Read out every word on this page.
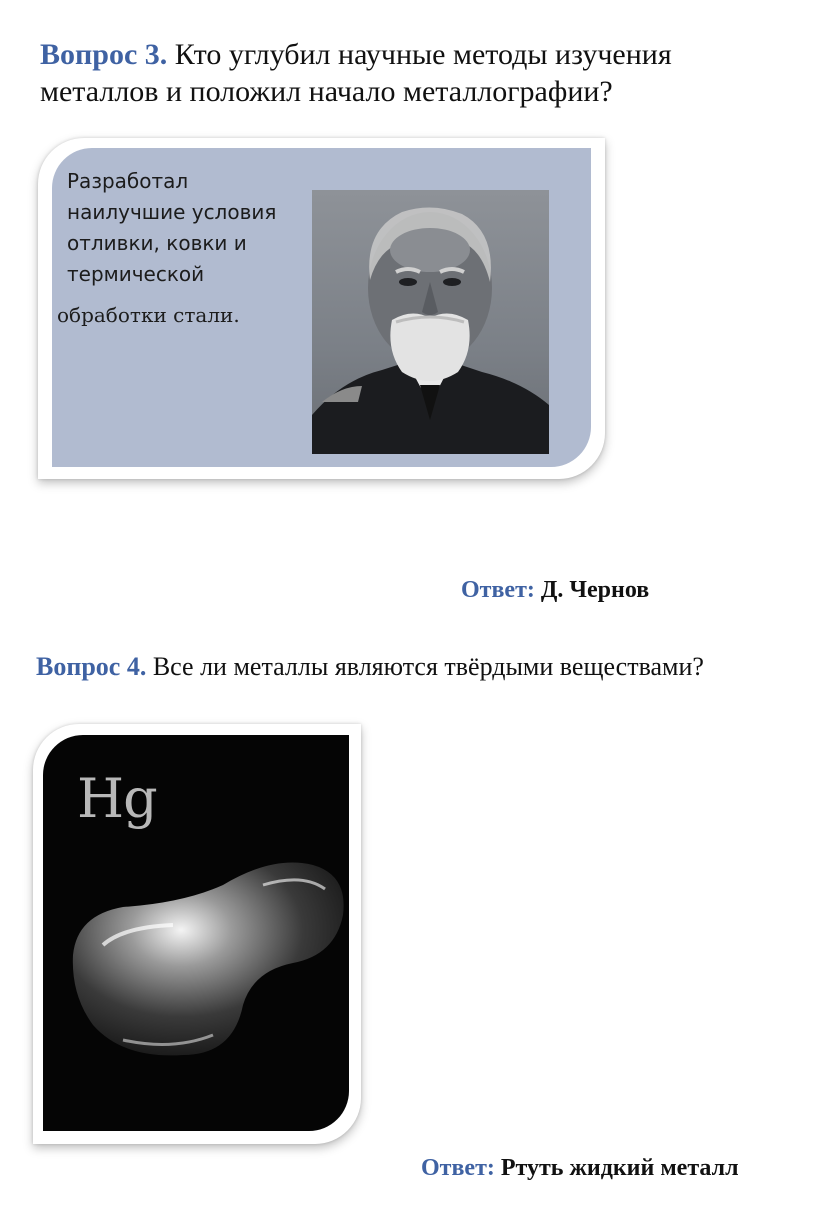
Вопрос 3. Кто углубил научные методы изучения металлов и положил начало металлографии?
Разработал
наилучшие условия
отливки, ковки и
термической
обработки стали.
Ответ: Д. Чернов
Вопрос 4. Все ли металлы являются твёрдыми веществами?
Hg
Ответ: Ртуть жидкий металл
